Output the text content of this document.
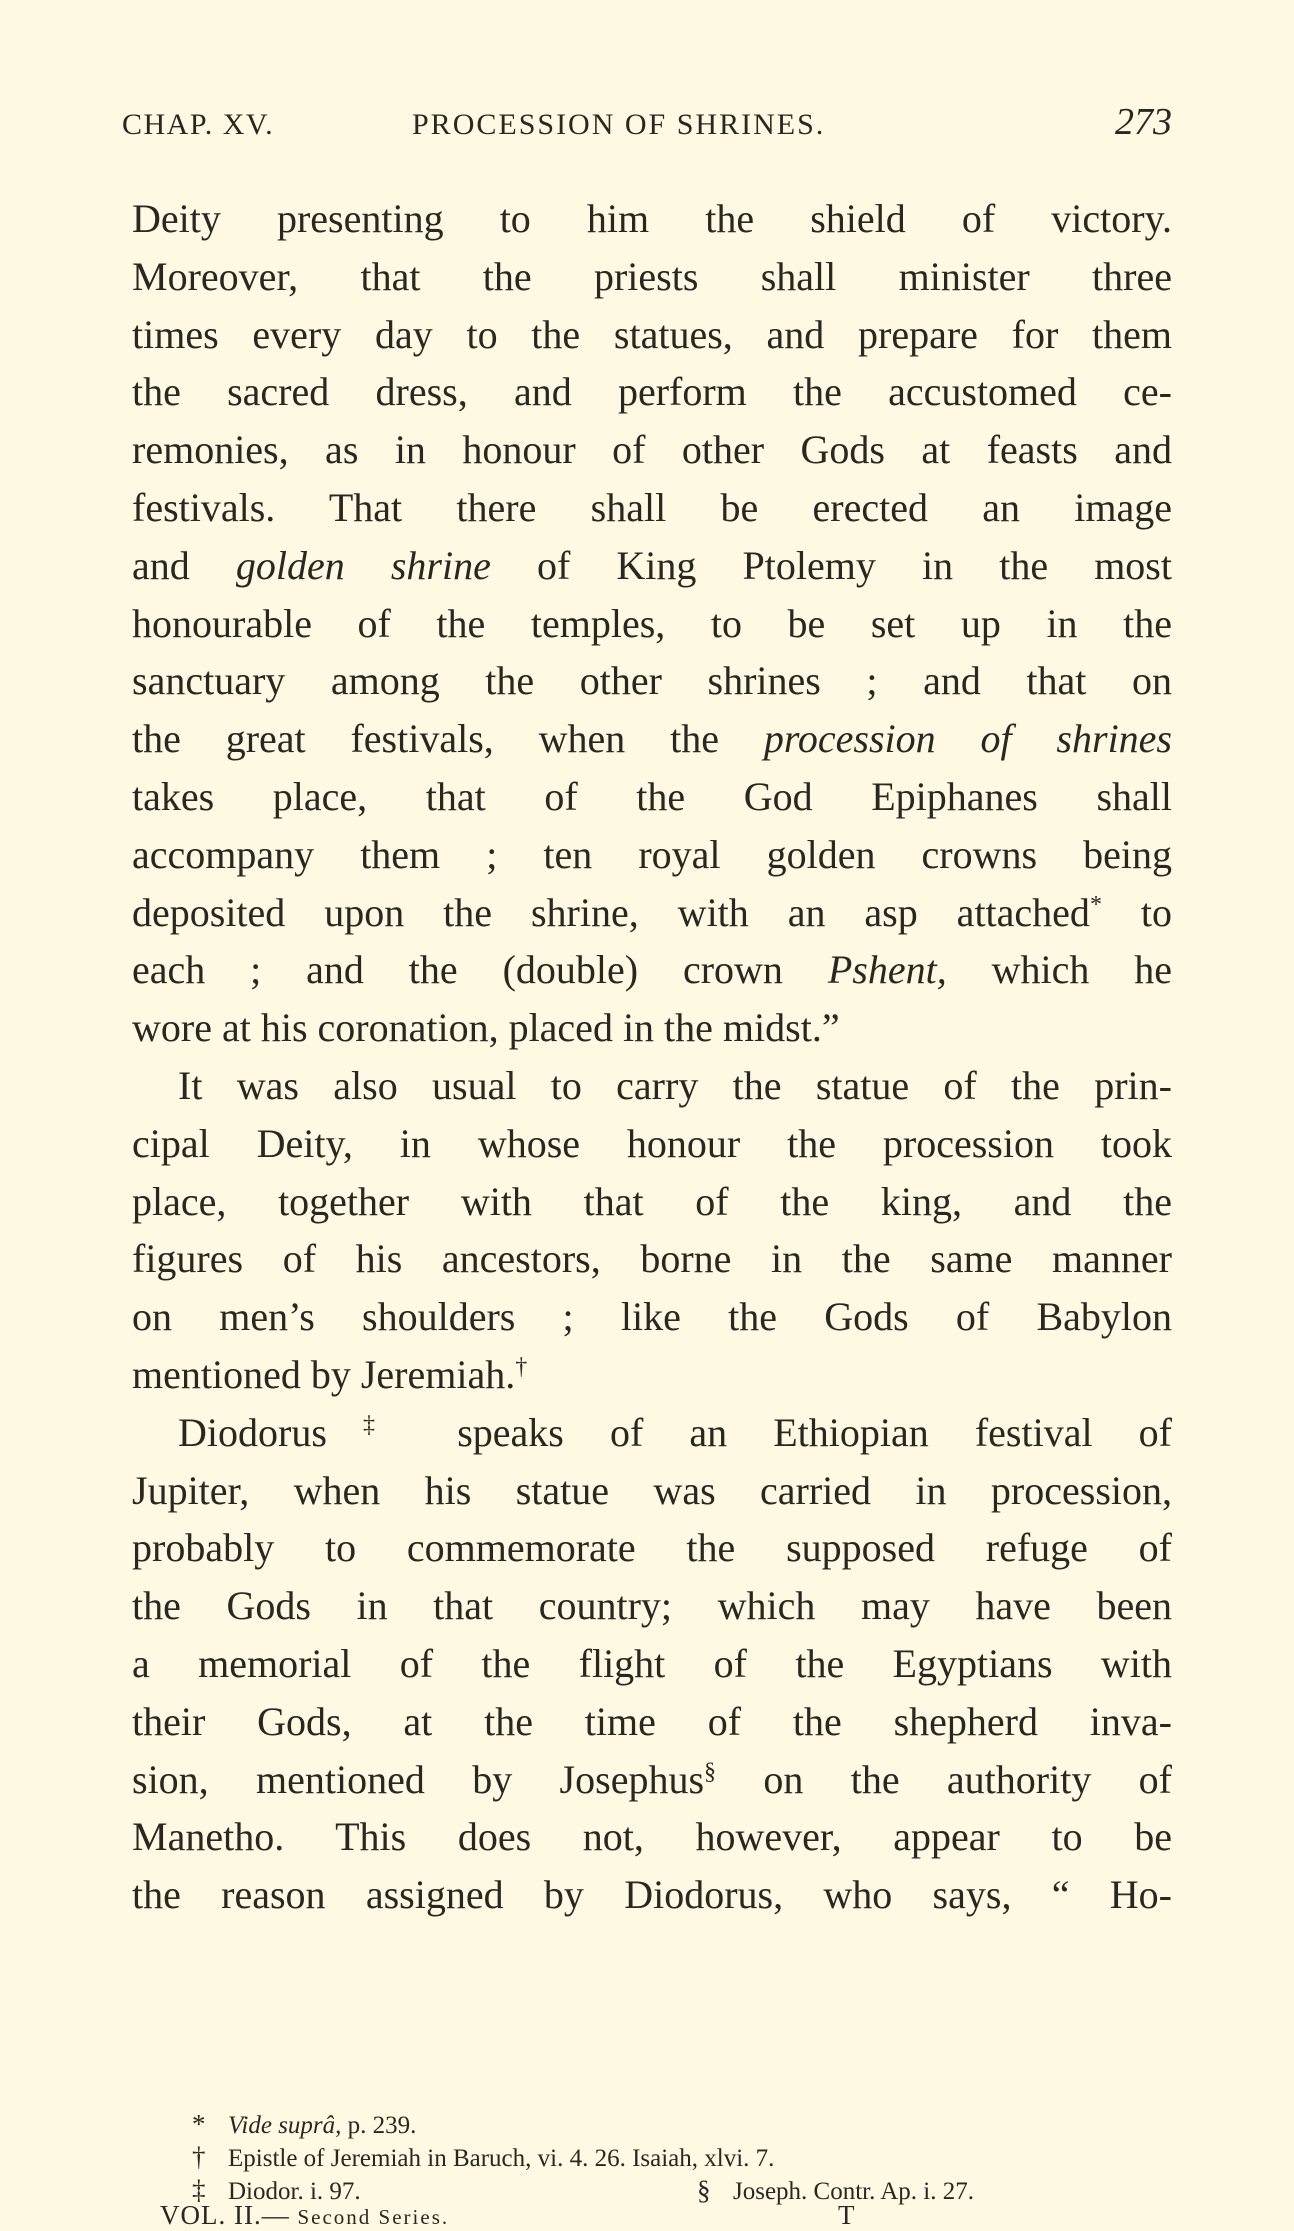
CHAP. XV.	PROCESSION OF SHRINES.	273
Deity presenting to him the shield of victory.
Moreover, that the priests shall minister three
times every day to the statues, and prepare for them
the sacred dress, and perform the accustomed ce-
remonies, as in honour of other Gods at feasts and
festivals. That there shall be erected an image
and golden shrine of King Ptolemy in the most
honourable of the temples, to be set up in the
sanctuary among the other shrines ; and that on
the great festivals, when the procession of shrines
takes place, that of the God Epiphanes shall
accompany them ; ten royal golden crowns being
deposited upon the shrine, with an asp attached* to
each ; and the (double) crown Pshent, which he
wore at his coronation, placed in the midst.”
It was also usual to carry the statue of the prin-
cipal Deity, in whose honour the procession took
place, together with that of the king, and the
figures of his ancestors, borne in the same manner
on men’s shoulders ; like the Gods of Babylon
mentioned by Jeremiah.†
Diodorus‡ speaks of an Ethiopian festival of
Jupiter, when his statue was carried in procession,
probably to commemorate the supposed refuge of
the Gods in that country; which may have been
a memorial of the flight of the Egyptians with
their Gods, at the time of the shepherd inva-
sion, mentioned by Josephus§ on the authority of
Manetho. This does not, however, appear to be
the reason assigned by Diodorus, who says, “ Ho-
* Vide suprâ, p. 239.
† Epistle of Jeremiah in Baruch, vi. 4. 26. Isaiah, xlvi. 7.
‡ Diodor. i. 97.	§ Joseph. Contr. Ap. i. 27.
VOL. II.— Second Series.	T
